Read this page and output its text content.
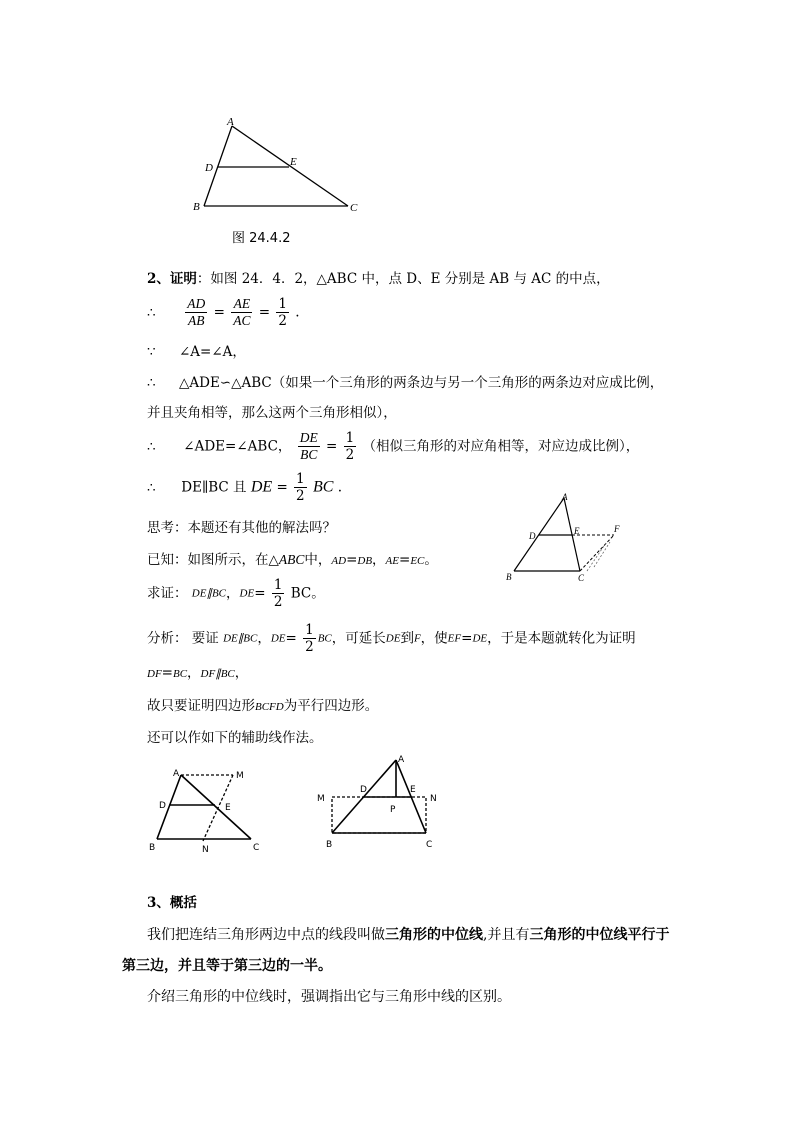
A
D	E
B	C
图 24.4.2
2、证明：如图 24．4．2，△ABC 中，点 D、E 分别是 AB 与 AC 的中点，
∴ $\frac{AD}{AB} = \frac{AE}{AC} = \frac{1}{2}$ .
∵ ∠A=∠A，
∴ △ADE∽△ABC（如果一个三角形的两条边与另一个三角形的两条边对应成比例，
并且夹角相等，那么这两个三角形相似），
∴ ∠ADE=∠ABC， $\frac{DE}{BC} = \frac{1}{2}$ （相似三角形的对应角相等，对应边成比例），
∴ DE∥BC 且 DE = $\frac{1}{2}$ BC .
A
D	E	F
B	C
思考：本题还有其他的解法吗？
已知：如图所示，在△ABC中，AD=DB，AE=EC。
求证： DE∥BC，$DE= \frac{1}{2}$ BC。
分析： 要证 DE∥BC，$DE= \frac{1}{2}$ BC，可延长DE到F，使EF=DE，于是本题就转化为证明
DF=BC，DF∥BC，
故只要证明四边形BCFD为平行四边形。
还可以作如下的辅助线作法。
A	M
D	E
B	N	C
A
M
D	E
N
P
B	C
3、概括
我们把连结三角形两边中点的线段叫做三角形的中位线,并且有三角形的中位线平行于
第三边，并且等于第三边的一半。
介绍三角形的中位线时，强调指出它与三角形中线的区别。
